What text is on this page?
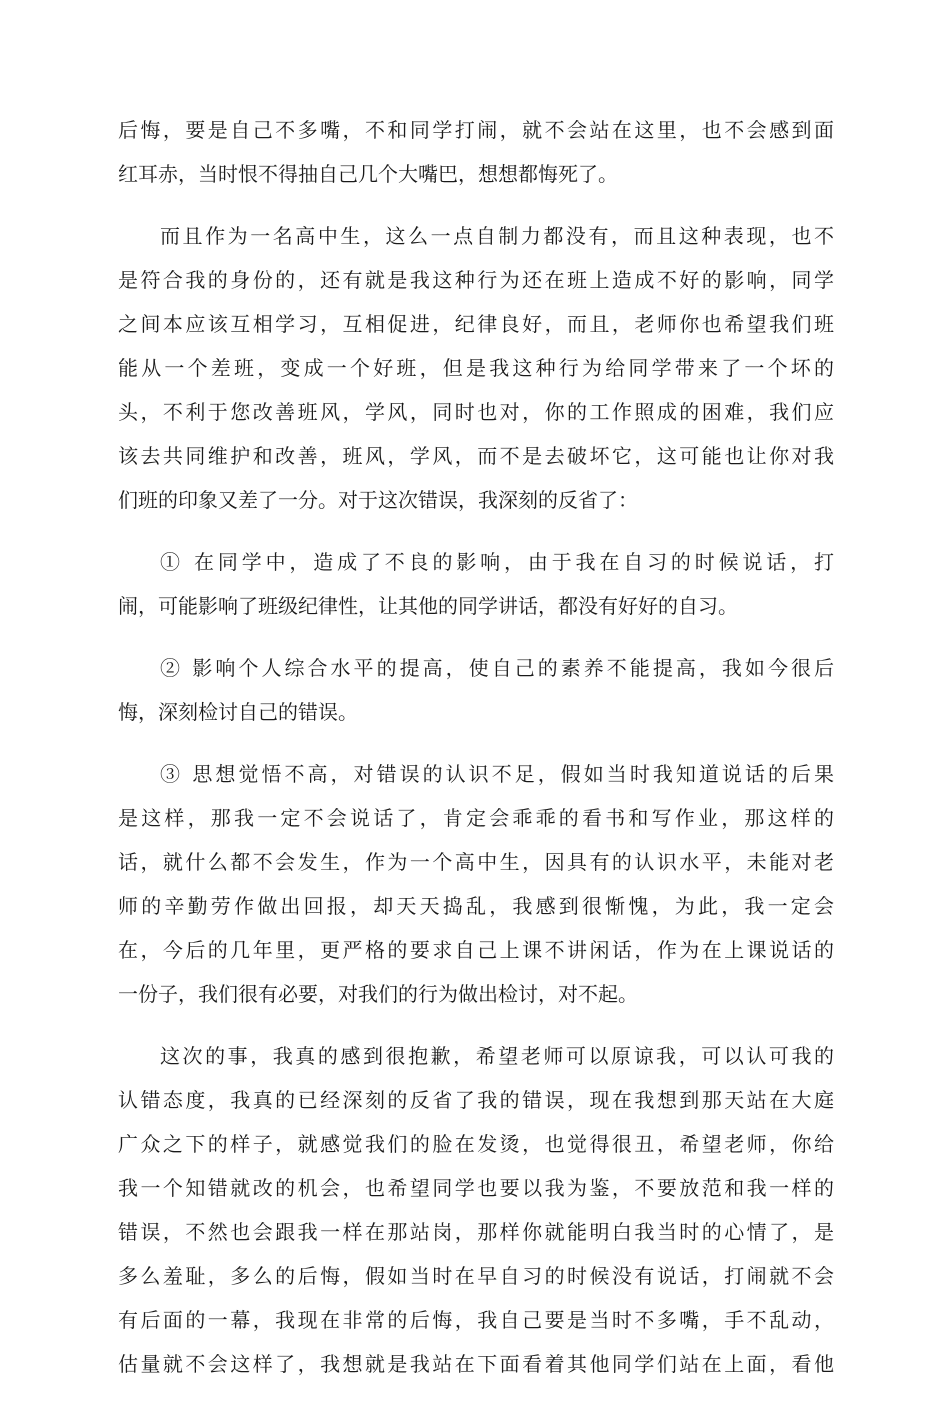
后悔，要是自己不多嘴，不和同学打闹，就不会站在这里，也不会感到面
红耳赤，当时恨不得抽自己几个大嘴巴，想想都悔死了。
而且作为一名高中生，这么一点自制力都没有，而且这种表现，也不
是符合我的身份的，还有就是我这种行为还在班上造成不好的影响，同学
之间本应该互相学习，互相促进，纪律良好，而且，老师你也希望我们班
能从一个差班，变成一个好班，但是我这种行为给同学带来了一个坏的
头，不利于您改善班风，学风，同时也对，你的工作照成的困难，我们应
该去共同维护和改善，班风，学风，而不是去破坏它，这可能也让你对我
们班的印象又差了一分。对于这次错误，我深刻的反省了：
① 在同学中，造成了不良的影响，由于我在自习的时候说话，打
闹，可能影响了班级纪律性，让其他的同学讲话，都没有好好的自习。
② 影响个人综合水平的提高，使自己的素养不能提高，我如今很后
悔，深刻检讨自己的错误。
③ 思想觉悟不高，对错误的认识不足，假如当时我知道说话的后果
是这样，那我一定不会说话了，肯定会乖乖的看书和写作业，那这样的
话，就什么都不会发生，作为一个高中生，因具有的认识水平，未能对老
师的辛勤劳作做出回报，却天天捣乱，我感到很惭愧，为此，我一定会
在，今后的几年里，更严格的要求自己上课不讲闲话，作为在上课说话的
一份子，我们很有必要，对我们的行为做出检讨，对不起。
这次的事，我真的感到很抱歉，希望老师可以原谅我，可以认可我的
认错态度，我真的已经深刻的反省了我的错误，现在我想到那天站在大庭
广众之下的样子，就感觉我们的脸在发烫，也觉得很丑，希望老师，你给
我一个知错就改的机会，也希望同学也要以我为鉴，不要放范和我一样的
错误，不然也会跟我一样在那站岗，那样你就能明白我当时的心情了，是
多么羞耻，多么的后悔，假如当时在早自习的时候没有说话，打闹就不会
有后面的一幕，我现在非常的后悔，我自己要是当时不多嘴，手不乱动，
估量就不会这样了，我想就是我站在下面看着其他同学们站在上面，看他
